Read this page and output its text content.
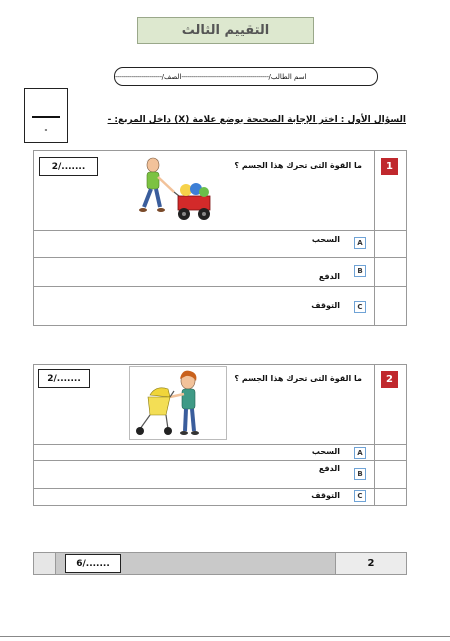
التقييم الثالث
اسم الطالب/
-------------------------------------------
الصف/
-----------------------
-
السؤال الأول : اختر الإجابة الصحيحة بوضع علامة (X) داخل المربع: -
1
ما القوة التى تحرك هذا الجسم ؟
2/.......
A
السحب
B
الدفع
C
التوقف
2
ما القوة التى تحرك هذا الجسم ؟
2/.......
A
السحب
B
الدفع
C
التوقف
6/.......	2
